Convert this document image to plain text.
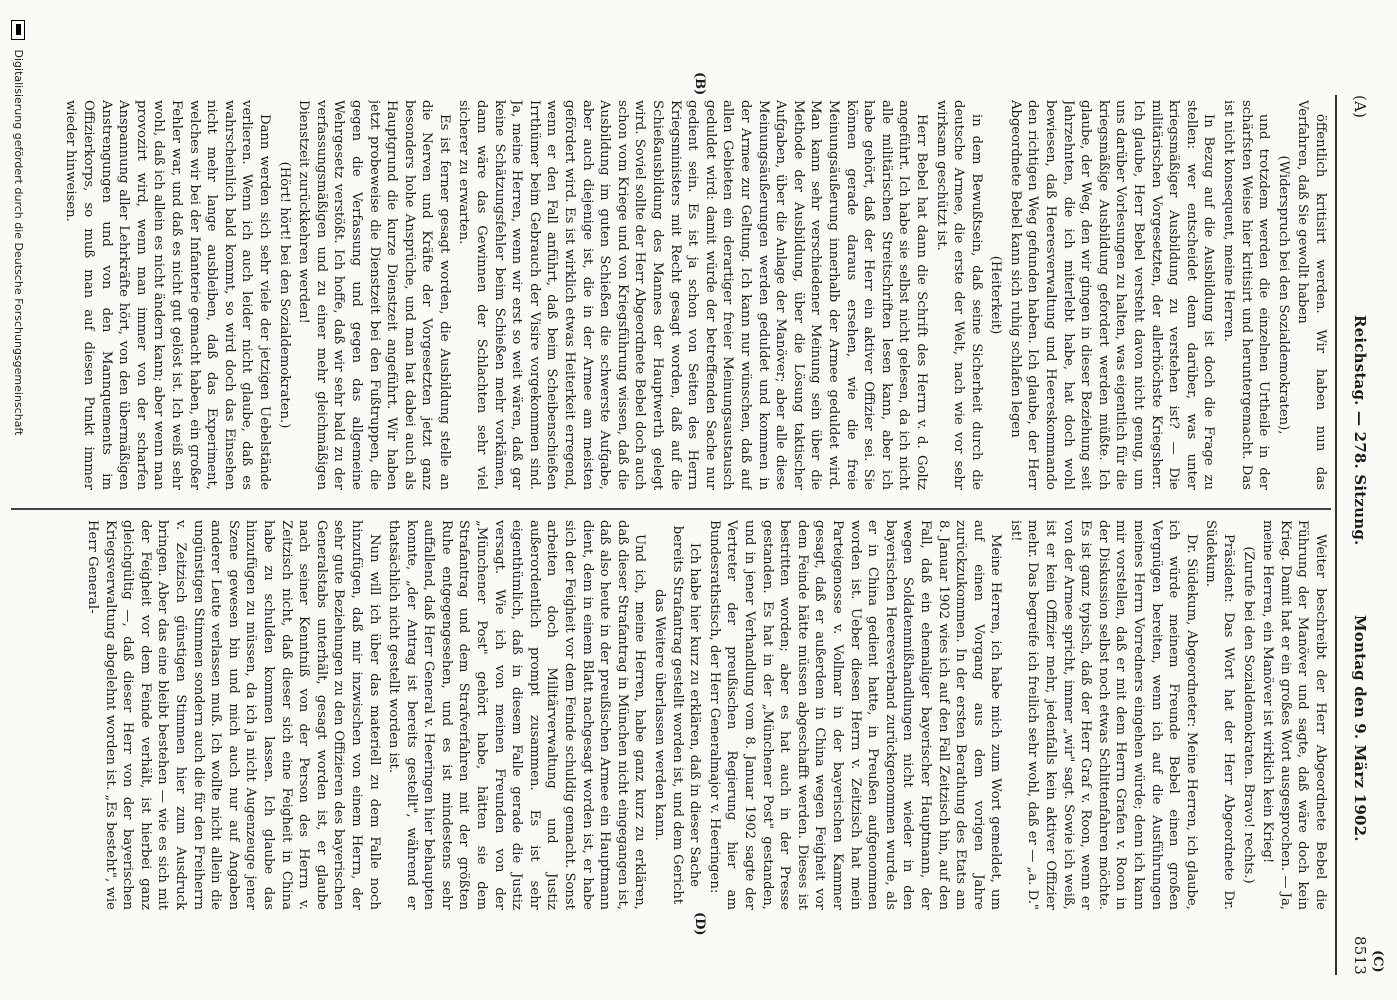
(A)
Reichstag. — 278. Sitzung.
Montag den 9. März 1902.
8513 (C)
(B)
(D)

öffentlich kritisirt werden. Wir haben nun das Verfahren, daß Sie gewollt haben

(Widerspruch bei den Sozialdemokraten),

und trotzdem werden die einzelnen Urtheile in der schärfsten Weise hier kritisirt und heruntergemacht. Das ist nicht konsequent, meine Herren.

In Bezug auf die Ausbildung ist doch die Frage zu stellen: wer entscheidet denn darüber, was unter kriegsmäßiger Ausbildung zu verstehen ist? — Die militärischen Vorgesetzten, der allerhöchste Kriegsherr. Ich glaube, Herr Bebel versteht davon nicht genug, um uns darüber Vorlesungen zu halten, was eigentlich für die kriegsmäßige Ausbildung gefordert werden müßte. Ich glaube, der Weg, den wir gingen in dieser Beziehung seit Jahrzehnten, die ich miterlebt habe, hat doch wohl bewiesen, daß Heeresverwaltung und Heereskommando den richtigen Weg gefunden haben. Ich glaube, der Herr Abgeordnete Bebel kann sich ruhig schlafen legen

(Heiterkeit)

in dem Bewußtsein, daß seine Sicherheit durch die deutsche Armee, die erste der Welt, nach wie vor sehr wirksam geschützt ist.

Herr Bebel hat dann die Schrift des Herrn v. d. Goltz angeführt. Ich habe sie selbst nicht gelesen, da ich nicht alle militärischen Streitschriften lesen kann, aber ich habe gehört, daß der Herr ein aktiver Offizier sei. Sie können gerade daraus ersehen, wie die freie Meinungsäußerung innerhalb der Armee geduldet wird. Man kann sehr verschiedener Meinung sein über die Methode der Ausbildung, über die Lösung taktischer Aufgaben, über die Anlage der Manöver; aber alle diese Meinungsäußerungen werden geduldet und kommen in der Armee zur Geltung. Ich kann nur wünschen, daß auf allen Gebieten ein derartiger freier Meinungsaustausch geduldet wird: damit würde der betreffenden Sache nur gedient sein. Es ist ja schon von Seiten des Herrn Kriegsministers mit Recht gesagt worden, daß auf die Schießausbildung des Mannes der Hauptwerth gelegt wird. Soviel sollte der Herr Abgeordnete Bebel doch auch schon vom Kriege und von Kriegsführung wissen, daß die Ausbildung im guten Schießen die schwerste Aufgabe, aber auch diejenige ist, die in der Armee am meisten gefördert wird. Es ist wirklich etwas Heiterkeit erregend, wenn er den Fall anführt, daß beim Scheibenschießen Irrthümer beim Gebrauch der Visire vorgekommen sind. Ja, meine Herren, wenn wir erst so weit wären, daß gar keine Schätzungsfehler beim Schießen mehr vorkämen, dann wäre das Gewinnen der Schlachten sehr viel sicherer zu erwarten.

Es ist ferner gesagt worden, die Ausbildung stelle an die Nerven und Kräfte der Vorgesetzten jetzt ganz besonders hohe Ansprüche, und man hat dabei auch als Hauptgrund die kurze Dienstzeit angeführt. Wir haben jetzt probeweise die Dienstzeit bei den Fußtruppen, die gegen die Verfassung und gegen das allgemeine Wehrgesetz verstößt. Ich hoffe, daß wir sehr bald zu der verfassungsmäßigen und zu einer mehr gleichmäßigen Dienstzeit zurückkehren werden!

(Hört! hört! bei den Sozialdemokraten.)

Dann werden sich sehr viele der jetzigen Uebelstände verlieren. Wenn ich auch leider nicht glaube, daß es wahrscheinlich bald kommt, so wird doch das Einsehen nicht mehr lange ausbleiben, daß das Experiment, welches wir bei der Infanterie gemacht haben, ein großer Fehler war, und daß es nicht gut gelöst ist. Ich weiß sehr wohl, daß ich allein es nicht ändern kann; aber wenn man provozirt wird, wenn man immer von der scharfen Anspannung aller Lehrkräfte hört, von den übermäßigen Anstrengungen und von den Mannquements im Offizierkorps, so muß man auf diesen Punkt immer wieder hinweisen.

Weiter beschreibt der Herr Abgeordnete Bebel die Führung der Manöver und sagte, daß wäre doch kein Krieg. Damit hat er ein großes Wort ausgesprochen. — Ja, meine Herren, ein Manöver ist wirklich kein Krieg!

(Zurufe bei den Sozialdemokraten. Bravo! rechts.)

Präsident: Das Wort hat der Herr Abgeordnete Dr. Südekum.

Dr. Südekum, Abgeordneter: Meine Herren, ich glaube, ich würde meinem Freunde Bebel einen großen Vergnügen bereiten, wenn ich auf die Ausführungen meines Herrn Vorredners eingehen würde; denn ich kann mir vorstellen, daß er mit dem Herrn Grafen v. Roon in der Diskussion selbst noch etwas Schlittenfahren möchte. Es ist ganz typisch, daß der Herr Graf v. Roon, wenn er von der Armee spricht, immer „wir" sagt. Sowie ich weiß, ist er kein Offizier mehr, jedenfalls kein aktiver Offizier mehr. Das begreife ich freilich sehr wohl, daß er — „a. D." ist!

Meine Herren, ich habe mich zum Wort gemeldet, um auf einen Vorgang aus dem vorigen Jahre zurückzukommen. In der ersten Berathung des Etats am 8. Januar 1902 wies ich auf den Fall Zeitzisch hin, auf den Fall, daß ein ehemaliger bayerischer Hauptmann, der wegen Soldatenmißhandlungen nicht wieder in den bayerischen Heeresverband zurückgenommen wurde, als er in China gedient hatte, in Preußen aufgenommen worden ist. Ueber diesen Herrn v. Zeitzisch hat mein Parteigenosse v. Vollmar in der bayerischen Kammer gesagt, daß er außerdem in China wegen Feigheit vor dem Feinde hätte müssen abgeschafft werden. Dieses ist bestritten worden; aber es hat auch in der Presse gestanden. Es hat in der „Münchener Post" gestanden, und in jener Verhandlung vom 8. Januar 1902 sagte der Vertreter der preußischen Regierung hier am Bundesrathstisch, der Herr Generalmajor v. Heeringen:

Ich habe hier kurz zu erklären, daß in dieser Sache bereits Strafantrag gestellt worden ist, und dem Gericht das Weitere überlassen werden kann.

Und ich, meine Herren, habe ganz kurz zu erklären, daß dieser Strafantrag in München nicht eingegangen ist, daß also heute in der preußischen Armee ein Hauptmann dient, dem in einem Blatt nachgesagt worden ist, er habe sich der Feigheit vor dem Feinde schuldig gemacht. Sonst arbeiten doch Militärverwaltung und Justiz außerordentlich prompt zusammen. Es ist sehr eigenthümlich, daß in diesem Falle gerade die Justiz versagt. Wie ich von meinen Freunden von der „Münchener Post" gehört habe, hätten sie dem Strafantrag und dem Strafverfahren mit der größten Ruhe entgegengesehen, und es ist mindestens sehr auffallend, daß Herr General v. Heeringen hier behaupten konnte, „der Antrag ist bereits gestellt", während er thatsächlich nicht gestellt worden ist.

Nun will ich über das materiell zu dem Falle noch hinzufügen, daß mir inzwischen von einem Herrn, der sehr gute Beziehungen zu den Offizieren des bayerischen Generalstabs unterhält, gesagt worden ist, er glaube nach seiner Kenntniß von der Person des Herrn v. Zeitzisch nicht, daß dieser sich eine Feigheit in China habe zu schulden kommen lassen. Ich glaube das hinzufügen zu müssen, da ich ja nicht Augenzeuge jener Szene gewesen bin und mich auch nur auf Angaben anderer Leute verlassen muß. Ich wollte nicht allein die ungünstigen Stimmen sondern auch die für den Freiherrn v. Zeitzisch günstigen Stimmen hier zum Ausdruck bringen. Aber das eine bleibt bestehen — wie es sich mit der Feigheit vor dem Feinde verhält, ist hierbei ganz gleichgültig —, daß dieser Herr von der bayerischen Kriegsverwaltung abgelehnt worden ist. „Es besteht", wie Herr General-

Digitalisierung gefördert durch die Deutsche Forschungsgemeinschaft
